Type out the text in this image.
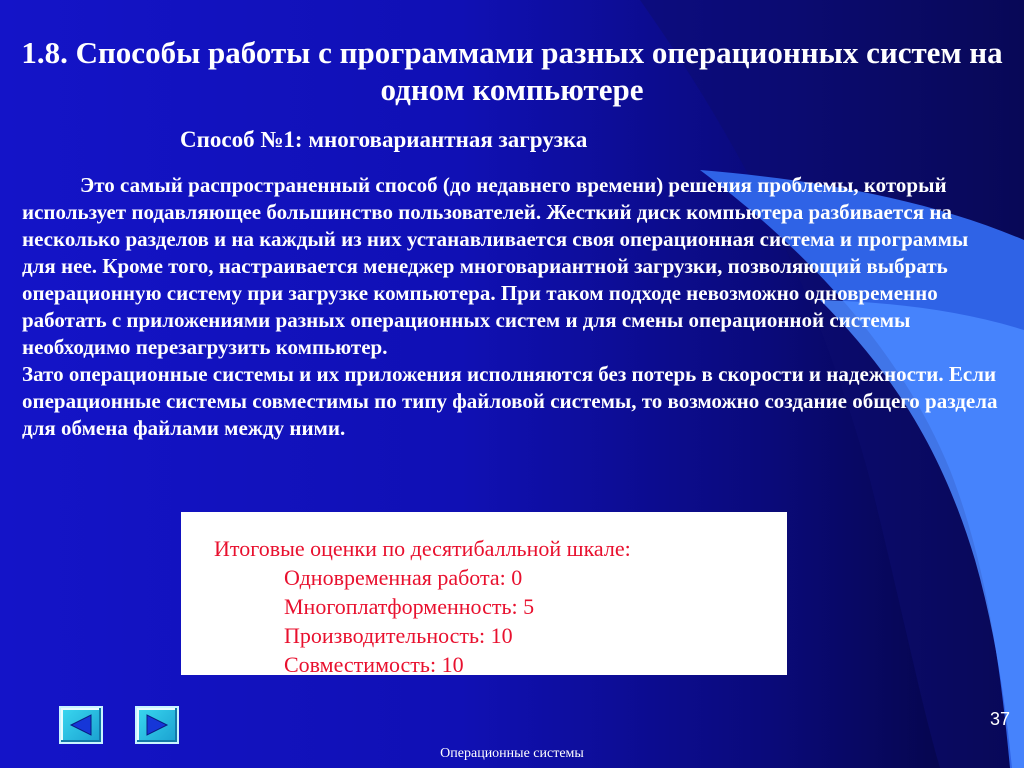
1.8. Способы работы с программами разных операционных систем на одном компьютере
Способ №1: многовариантная загрузка

Это самый распространенный способ (до недавнего времени) решения проблемы, который использует подавляющее большинство пользователей. Жесткий диск компьютера разбивается на несколько разделов и на каждый из них устанавливается своя операционная система и программы для нее. Кроме того, настраивается менеджер многовариантной загрузки, позволяющий выбрать операционную систему при загрузке компьютера. При таком подходе невозможно одновременно работать с приложениями разных операционных систем и для смены операционной системы необходимо перезагрузить компьютер.

Зато операционные системы и их приложения исполняются без потерь в скорости и надежности. Если операционные системы совместимы по типу файловой системы, то возможно создание общего раздела для обмена файлами между ними.

Итоговые оценки по десятибалльной шкале:

Одновременная работа: 0
Многоплатформенность: 5
Производительность: 10
Совместимость: 10
37
Операционные системы
